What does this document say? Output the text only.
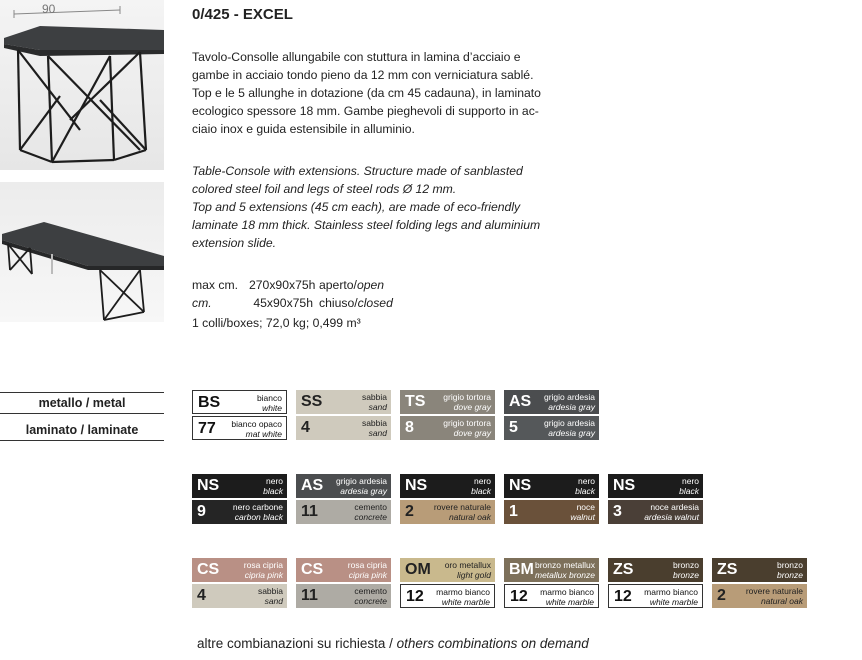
90	0/425 - EXCEL
Tavolo-Consolle allungabile con stuttura in lamina d’acciaio e
gambe in acciaio tondo pieno da 12 mm con verniciatura sablé.
Top e le 5 allunghe in dotazione (da cm 45 cadauna), in laminato
ecologico spessore 18 mm. Gambe pieghevoli di supporto in ac-
ciaio inox e guida estensibile in alluminio.
Table-Console with extensions. Structure made of sanblasted
colored steel foil and legs of steel rods Ø 12 mm.
Top and 5 extensions (45 cm each), are made of eco-friendly
laminate 18 mm thick. Stainless steel folding legs and aluminium
extension slide.
max cm. 270x90x75h aperto/open
cm.	45x90x75h chiuso/closed
1 colli/boxes; 72,0 kg; 0,499 m³
metallo / metal
laminato / laminate
BS	bianco
white
77 bianco opaco
mat white
SS	sabbia
sand
4	sabbia
sand
TS grigio tortora
dove gray
8	grigio tortora
dove gray
AS grigio ardesia
ardesia gray
5	grigio ardesia
ardesia gray
NS	nero
black
9	nero carbone
carbon black
AS grigio ardesia
ardesia gray
11	cemento
concrete
NS	nero
black
2 rovere naturale
natural oak
NS	nero
black
1	noce
walnut
NS	nero
black
3	noce ardesia
ardesia walnut
CS	rosa cipria
cipria pink
4	sabbia
sand
CS	rosa cipria
cipria pink
11	cemento
concrete
OM oro metallux
light gold
12 marmo bianco
white marble
BM bronzo metallux
metallux bronze
12 marmo bianco
white marble
ZS	bronzo
bronze
12 marmo bianco
white marble
ZS	bronzo
bronze
2 rovere naturale
natural oak
altre combianazioni su richiesta / others combinations on demand
